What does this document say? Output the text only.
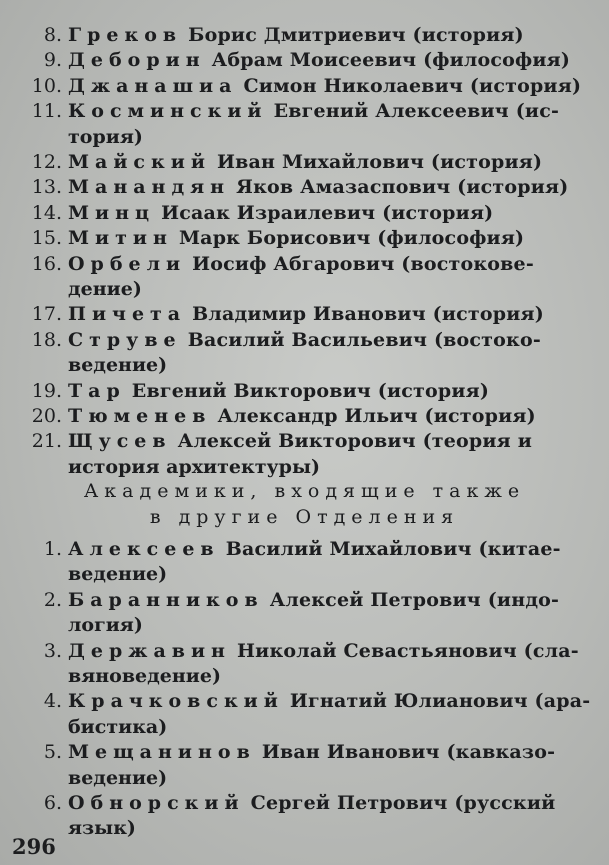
8. Греков Борис Дмитриевич (история)
9. Деборин Абрам Моисеевич (философия)
10. Джанашиа Симон Николаевич (история)
11. Косминский Евгений Алексеевич (ис-
тория)
12. Майский Иван Михайлович (история)
13. Манандян Яков Амазаспович (история)
14. Минц Исаак Израилевич (история)
15. Митин Марк Борисович (философия)
16. Орбели Иосиф Абгарович (востокове-
дение)
17. Пичета Владимир Иванович (история)
18. Струве Василий Васильевич (востоко-
ведение)
19. Тар Евгений Викторович (история)
20. Тюменев Александр Ильич (история)
21. Щусев Алексей Викторович (теория и
история архитектуры)
Академики, входящие также
в другие Отделения
1. Алексеев Василий Михайлович (китае-
ведение)
2. Баранников Алексей Петрович (индо-
логия)
3. Державин Николай Севастьянович (сла-
вяноведение)
4. Крачковский Игнатий Юлианович (ара-
бистика)
5. Мещанинов Иван Иванович (кавказо-
ведение)
6. Обнорский Сергей Петрович (русский
язык)
296
